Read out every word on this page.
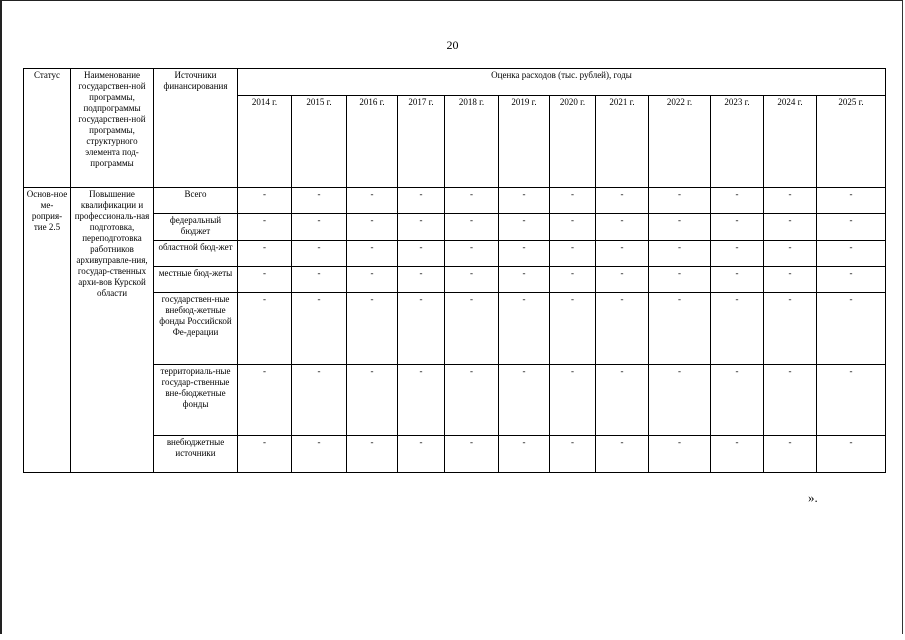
20
Статус	Наименование государствен-ной программы, подпрограммы государствен-ной программы, структурного элемента под-программы	Источники финансирования	Оценка расходов (тыс. рублей), годы											
			2014 г.	2015 г.	2016 г.	2017 г.	2018 г.	2019 г.	2020 г.	2021 г.	2022 г.	2023 г.	2024 г.	2025 г.
Основ-ное ме-роприя-тие 2.5	Повышение квалификации и профессиональ-ная подготовка, переподготовка работников архивуправле-ния, государ-ственных архи-вов Курской области	Всего	-	-	-	-	-	-	-	-	-	-	-	-
		федеральный бюджет	-	-	-	-	-	-	-	-	-	-	-	-
		областной бюд-жет	-	-	-	-	-	-	-	-	-	-	-	-
		местные бюд-жеты	-	-	-	-	-	-	-	-	-	-	-	-
		государствен-ные внебюд-жетные фонды Российской Фе-дерации	-	-	-	-	-	-	-	-	-	-	-	-
		территориаль-ные государ-ственные вне-бюджетные фонды	-	-	-	-	-	-	-	-	-	-	-	-
		внебюджетные источники	-	-	-	-	-	-	-	-	-	-	-	-
».
